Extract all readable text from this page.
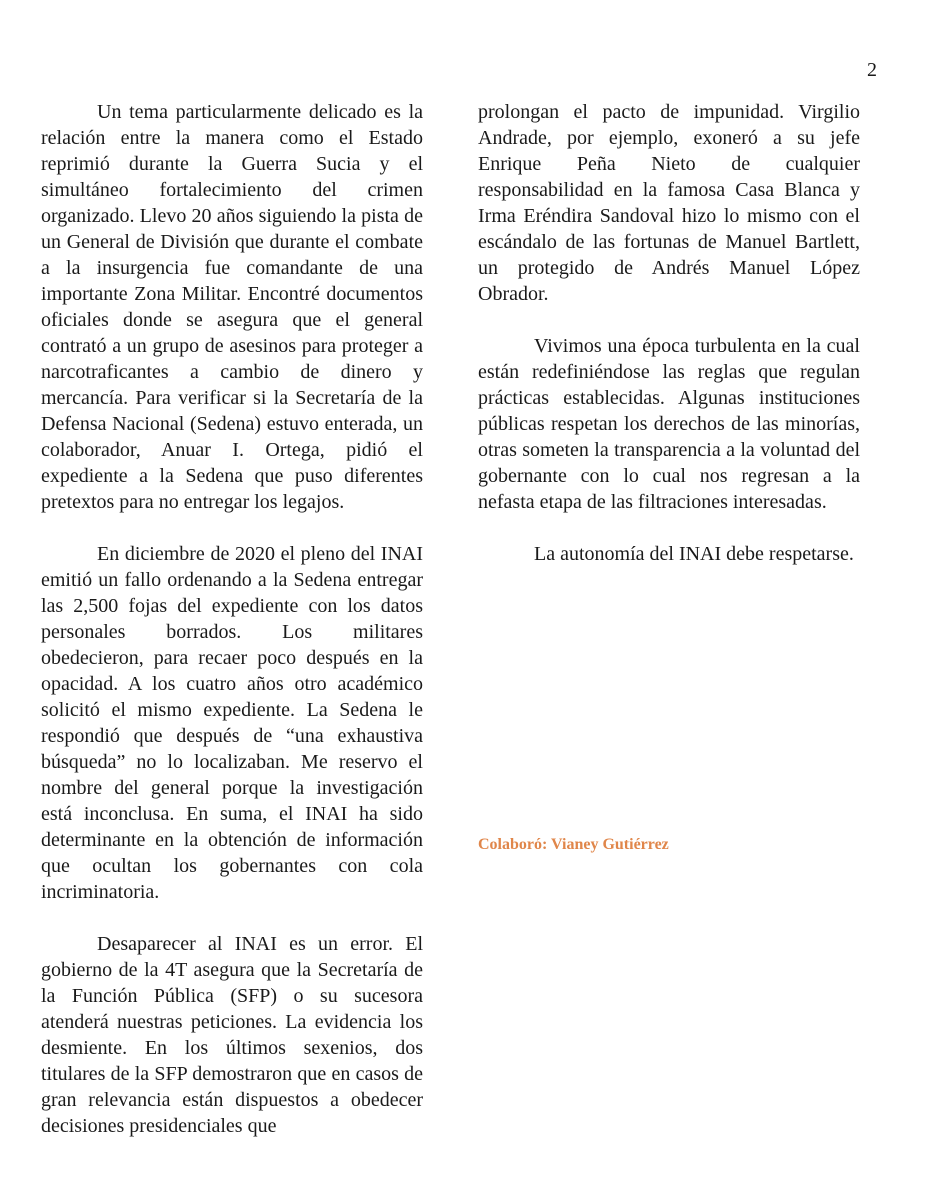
2

Un tema particularmente delicado es la relación entre la manera como el Estado reprimió durante la Guerra Sucia y el simultáneo fortalecimiento del crimen organizado. Llevo 20 años siguiendo la pista de un General de División que durante el combate a la insurgencia fue comandante de una importante Zona Militar. Encontré documentos oficiales donde se asegura que el general contrató a un grupo de asesinos para proteger a narcotraficantes a cambio de dinero y mercancía. Para verificar si la Secretaría de la Defensa Nacional (Sedena) estuvo enterada, un colaborador, Anuar I. Ortega, pidió el expediente a la Sedena que puso diferentes pretextos para no entregar los legajos.

En diciembre de 2020 el pleno del INAI emitió un fallo ordenando a la Sedena entregar las 2,500 fojas del expediente con los datos personales borrados. Los militares obedecieron, para recaer poco después en la opacidad. A los cuatro años otro académico solicitó el mismo expediente. La Sedena le respondió que después de “una exhaustiva búsqueda” no lo localizaban. Me reservo el nombre del general porque la investigación está inconclusa. En suma, el INAI ha sido determinante en la obtención de información que ocultan los gobernantes con cola incriminatoria.

Desaparecer al INAI es un error. El gobierno de la 4T asegura que la Secretaría de la Función Pública (SFP) o su sucesora atenderá nuestras peticiones. La evidencia los desmiente. En los últimos sexenios, dos titulares de la SFP demostraron que en casos de gran relevancia están dispuestos a obedecer decisiones presidenciales que

prolongan el pacto de impunidad. Virgilio Andrade, por ejemplo, exoneró a su jefe Enrique Peña Nieto de cualquier responsabilidad en la famosa Casa Blanca y Irma Eréndira Sandoval hizo lo mismo con el escándalo de las fortunas de Manuel Bartlett, un protegido de Andrés Manuel López Obrador.

Vivimos una época turbulenta en la cual están redefiniéndose las reglas que regulan prácticas establecidas. Algunas instituciones públicas respetan los derechos de las minorías, otras someten la transparencia a la voluntad del gobernante con lo cual nos regresan a la nefasta etapa de las filtraciones interesadas.

La autonomía del INAI debe respetarse.

Colaboró: Vianey Gutiérrez
